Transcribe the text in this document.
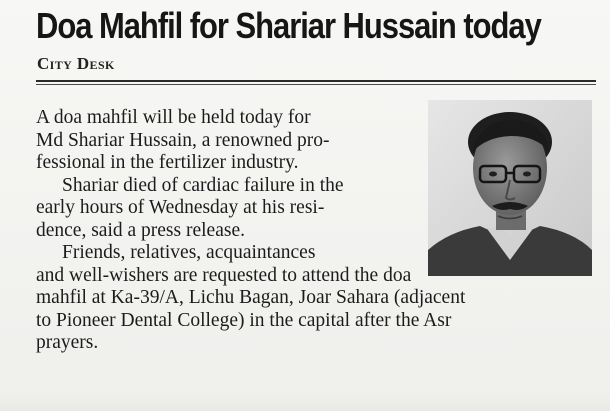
Doa Mahfil for Shariar Hussain today
City Desk

A doa mahfil will be held today for
Md Shariar Hussain, a renowned pro-
fessional in the fertilizer industry.
Shariar died of cardiac failure in the
early hours of Wednesday at his resi-
dence, said a press release.
Friends, relatives, acquaintances
and well-wishers are requested to attend the doa
mahfil at Ka-39/A, Lichu Bagan, Joar Sahara (adjacent
to Pioneer Dental College) in the capital after the Asr
prayers.
